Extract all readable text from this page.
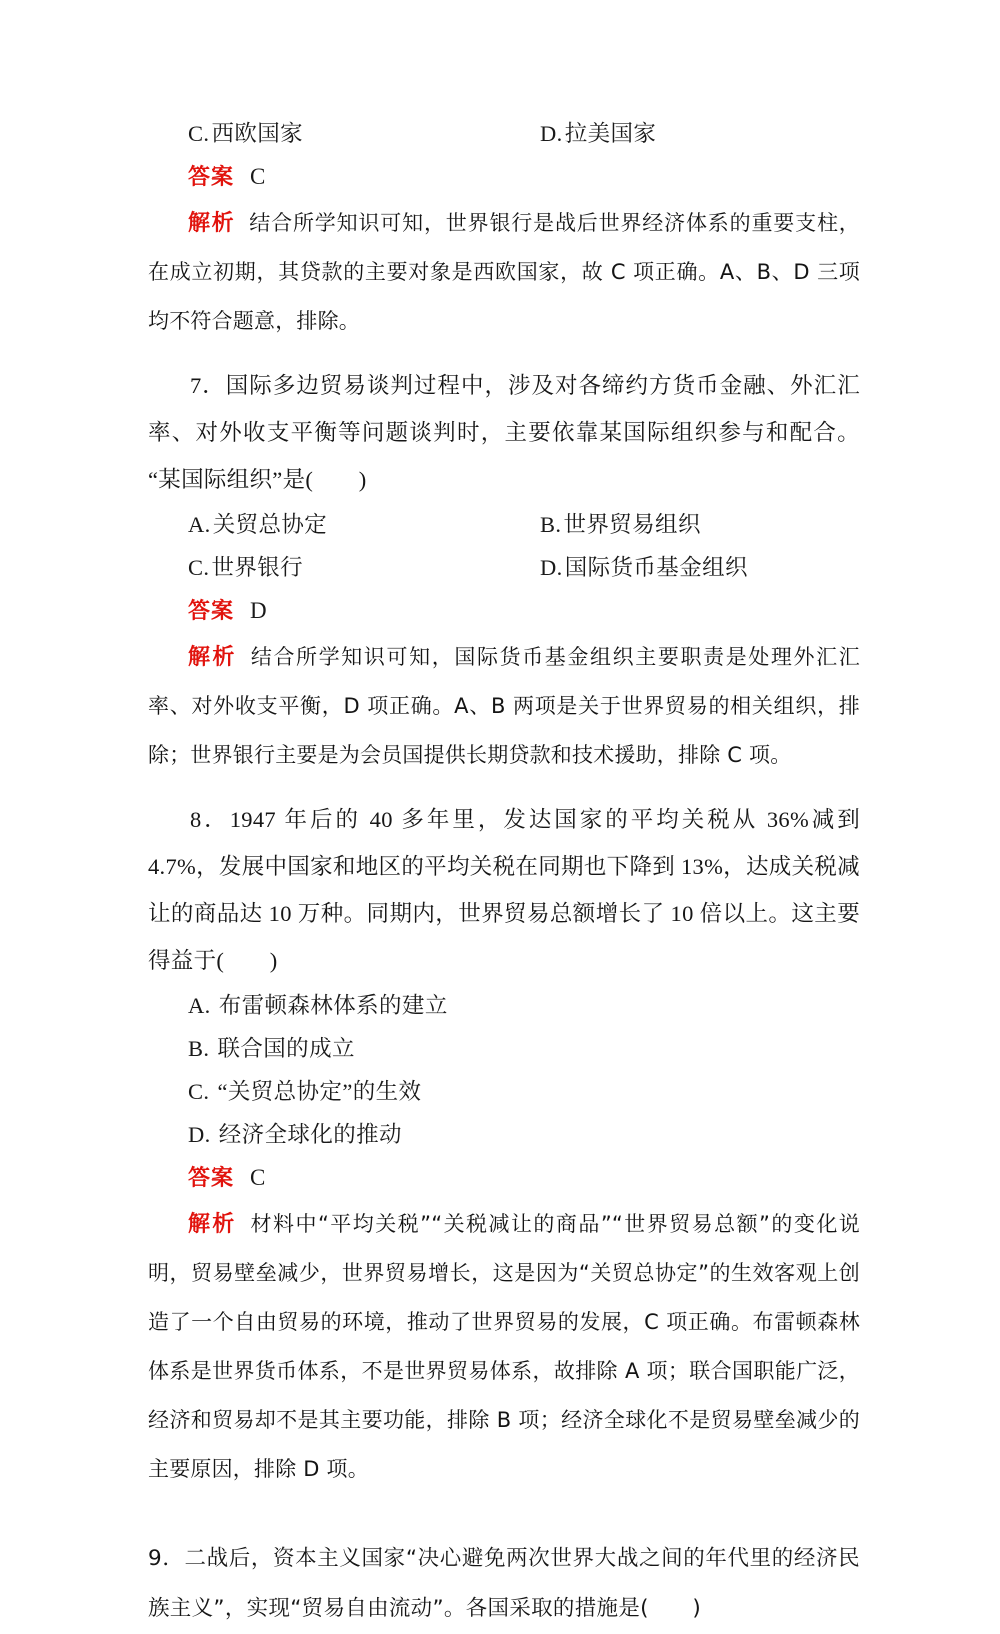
C. 西欧国家	D. 拉美国家
答案 C

解析 结合所学知识可知，世界银行是战后世界经济体系的重要支柱，在成立初期，其贷款的主要对象是西欧国家，故 C 项正确。A、B、D 三项均不符合题意，排除。

7．国际多边贸易谈判过程中，涉及对各缔约方货币金融、外汇汇率、对外收支平衡等问题谈判时，主要依靠某国际组织参与和配合。“某国际组织”是(　　)

A. 关贸总协定	B. 世界贸易组织
C. 世界银行	D. 国际货币基金组织
答案 D

解析 结合所学知识可知，国际货币基金组织主要职责是处理外汇汇率、对外收支平衡，D 项正确。A、B 两项是关于世界贸易的相关组织，排除；世界银行主要是为会员国提供长期贷款和技术援助，排除 C 项。

8．1947 年后的 40 多年里，发达国家的平均关税从 36%减到 4.7%，发展中国家和地区的平均关税在同期也下降到 13%，达成关税减让的商品达 10 万种。同期内，世界贸易总额增长了 10 倍以上。这主要得益于(　　)

A. 布雷顿森林体系的建立
B. 联合国的成立
C. “关贸总协定”的生效
D. 经济全球化的推动
答案 C

解析 材料中“平均关税”“关税减让的商品”“世界贸易总额”的变化说明，贸易壁垒减少，世界贸易增长，这是因为“关贸总协定”的生效客观上创造了一个自由贸易的环境，推动了世界贸易的发展，C 项正确。布雷顿森林体系是世界货币体系，不是世界贸易体系，故排除 A 项；联合国职能广泛，经济和贸易却不是其主要功能，排除 B 项；经济全球化不是贸易壁垒减少的主要原因，排除 D 项。

9．二战后，资本主义国家“决心避免两次世界大战之间的年代里的经济民族主义”，实现“贸易自由流动”。各国采取的措施是(　　)
